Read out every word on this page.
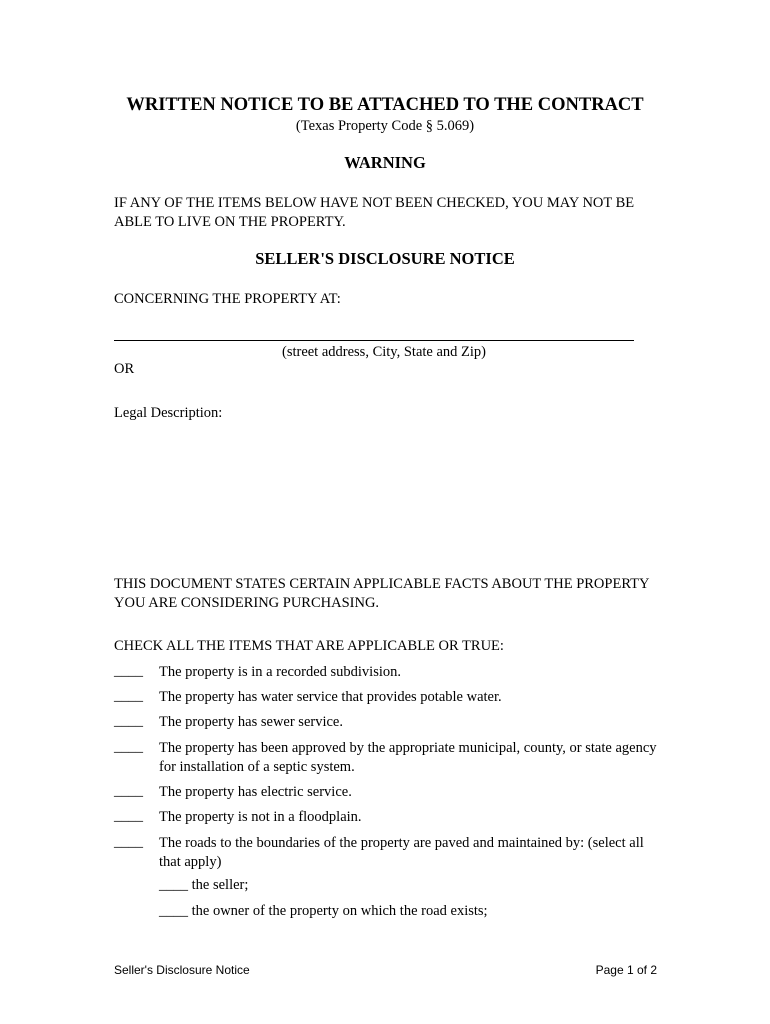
WRITTEN NOTICE TO BE ATTACHED TO THE CONTRACT
(Texas Property Code § 5.069)
WARNING
IF ANY OF THE ITEMS BELOW HAVE NOT BEEN CHECKED, YOU MAY NOT BE ABLE TO LIVE ON THE PROPERTY.
SELLER'S DISCLOSURE NOTICE
CONCERNING THE PROPERTY AT:
(street address, City, State and Zip)
OR
Legal Description:
THIS DOCUMENT STATES CERTAIN APPLICABLE FACTS ABOUT THE PROPERTY YOU ARE CONSIDERING PURCHASING.
CHECK ALL THE ITEMS THAT ARE APPLICABLE OR TRUE:
____ The property is in a recorded subdivision.
____ The property has water service that provides potable water.
____ The property has sewer service.
____ The property has been approved by the appropriate municipal, county, or state agency for installation of a septic system.
____ The property has electric service.
____ The property is not in a floodplain.
____ The roads to the boundaries of the property are paved and maintained by: (select all that apply)
____ the seller;
____ the owner of the property on which the road exists;
Seller's Disclosure Notice	Page 1 of 2
